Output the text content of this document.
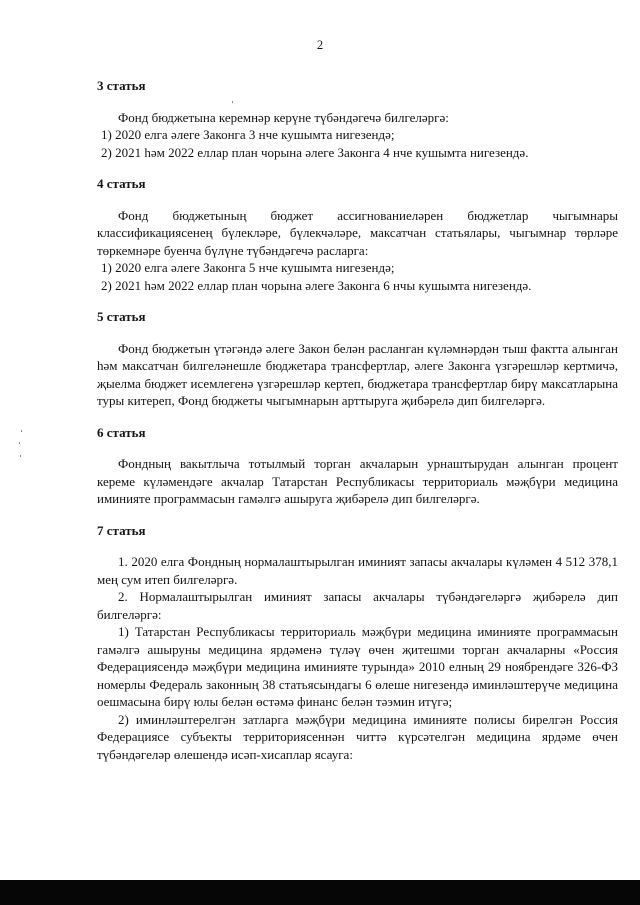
2
3 статья
Фонд бюджетына керемнәр керүне түбәндәгечә билгеләргә:
1) 2020 елга әлеге Законга 3 нче кушымта нигезендә;
2) 2021 һәм 2022 еллар план чорына әлеге Законга 4 нче кушымта нигезендә.
4 статья
Фонд бюджетының бюджет ассигнованиеләрен бюджетлар чыгымнары классификациясенең бүлекләре, бүлекчәләре, максатчан статьялары, чыгымнар төрләре төркемнәре буенча бүлүне түбәндәгечә расларга:
1) 2020 елга әлеге Законга 5 нче кушымта нигезендә;
2) 2021 һәм 2022 еллар план чорына әлеге Законга 6 нчы кушымта нигезендә.
5 статья
Фонд бюджетын үтәгәндә әлеге Закон белән расланган күләмнәрдән тыш фактта алынган һәм максатчан билгеләнешле бюджетара трансфертлар, әлеге Законга үзгәрешләр кертмичә, җыелма бюджет исемлегенә үзгәрешләр кертеп, бюджетара трансфертлар бирү максатларына туры китереп, Фонд бюджеты чыгымнарын арттыруга җибәрелә дип билгеләргә.
6 статья
Фондның вакытлыча тотылмый торган акчаларын урнаштырудан алынган процент кереме күләмендәге акчалар Татарстан Республикасы территориаль мәҗбүри медицина иминияте программасын гамәлгә ашыруга җибәрелә дип билгеләргә.
7 статья
1. 2020 елга Фондның нормалаштырылган иминият запасы акчалары күләмен 4 512 378,1 мең сум итеп билгеләргә.
2. Нормалаштырылган иминият запасы акчалары түбәндәгеләргә җибәрелә дип билгеләргә:
1) Татарстан Республикасы территориаль мәҗбүри медицина иминияте программасын гамәлгә ашыруны медицина ярдәменә түләү өчен җитешми торган акчаларны «Россия Федерациясендә мәҗбүри медицина иминияте турында» 2010 елның 29 ноябрендәге 326-ФЗ номерлы Федераль законның 38 статьясындагы 6 өлеше нигезендә иминләштерүче медицина оешмасына бирү юлы белән өстәмә финанс белән тәэмин итүгә;
2) иминләштерелгән затларга мәҗбүри медицина иминияте полисы бирелгән Россия Федерациясе субъекты территориясеннән читтә күрсәтелгән медицина ярдәме өчен түбәндәгеләр өлешендә исәп-хисаплар ясауга:
